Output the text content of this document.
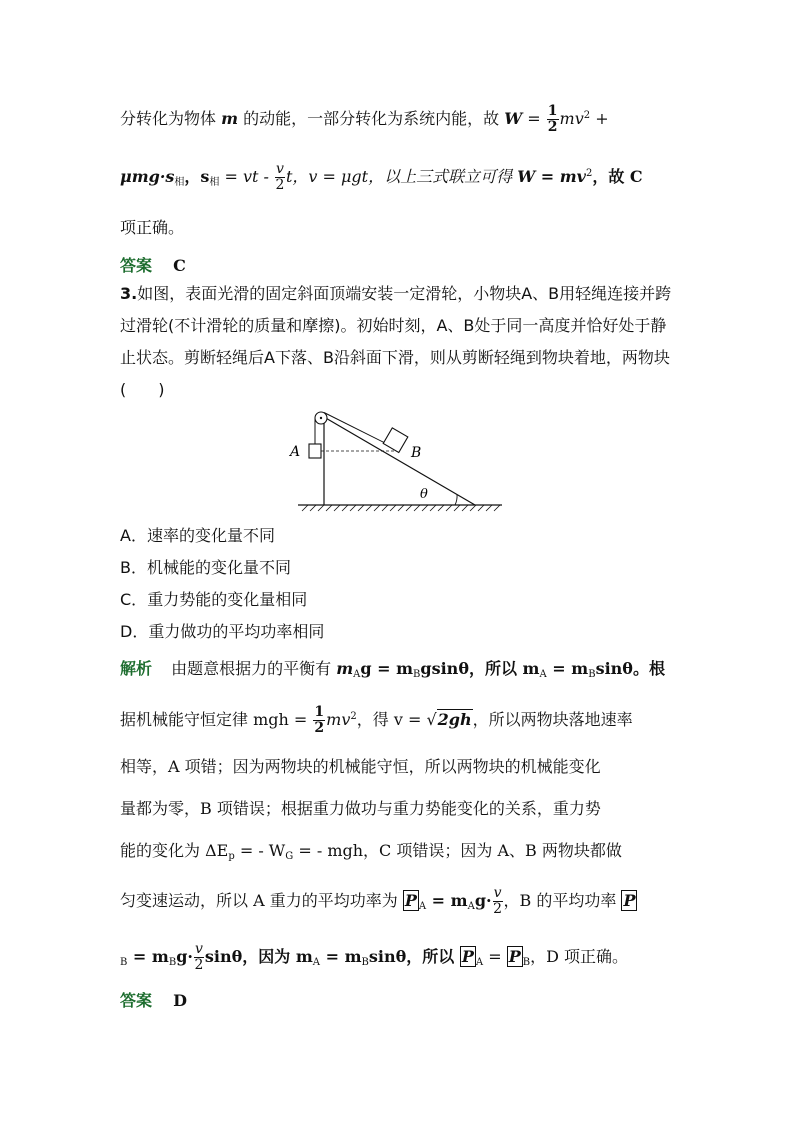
分转化为物体 m 的动能，一部分转化为系统内能，故 $W = \frac{1}{2} mv^2$ +
$\mu mg\cdot s_相$，$s_相$ = vt - $\frac{v}{2}$ t，v = μgt，以上三式联立可得 $W = mv^2$，故 C
项正确。
答案 C
3.如图，表面光滑的固定斜面顶端安装一定滑轮，小物块A、B用轻绳连接并跨过滑轮(不计滑轮的质量和摩擦)。初始时刻，A、B处于同一高度并恰好处于静止状态。剪断轻绳后A下落、B沿斜面下滑，则从剪断轻绳到物块着地，两物块(　　)
A	B
θ
A．速率的变化量不同
B．机械能的变化量不同
C．重力势能的变化量相同
D．重力做功的平均功率相同
解析 由题意根据力的平衡有 $m_Ag = m_Bgsin\theta$，所以 $m_A = m_B\sin\theta$。根
据机械能守恒定律 mgh = $\frac{1}{2} mv^2$，得 v = √2gh，所以两物块落地速率
相等，A 项错；因为两物块的机械能守恒，所以两物块的机械能变化
量都为零，B 项错误；根据重力做功与重力势能变化的关系，重力势
能的变化为 $\Delta E_p$ = - $W_G$ = - mgh，C 项错误；因为 A、B 两物块都做
匀变速运动，所以 A 重力的平均功率为 P $_A = m_Ag\cdot \frac{v}{2}$ ，B 的平均功率 P
$_B = m_Bg\cdot \frac{v}{2}$ sinθ，因为 $m_A = m_B\sin\theta$，所以 P $_A$ = P $_B$，D 项正确。
答案 D
